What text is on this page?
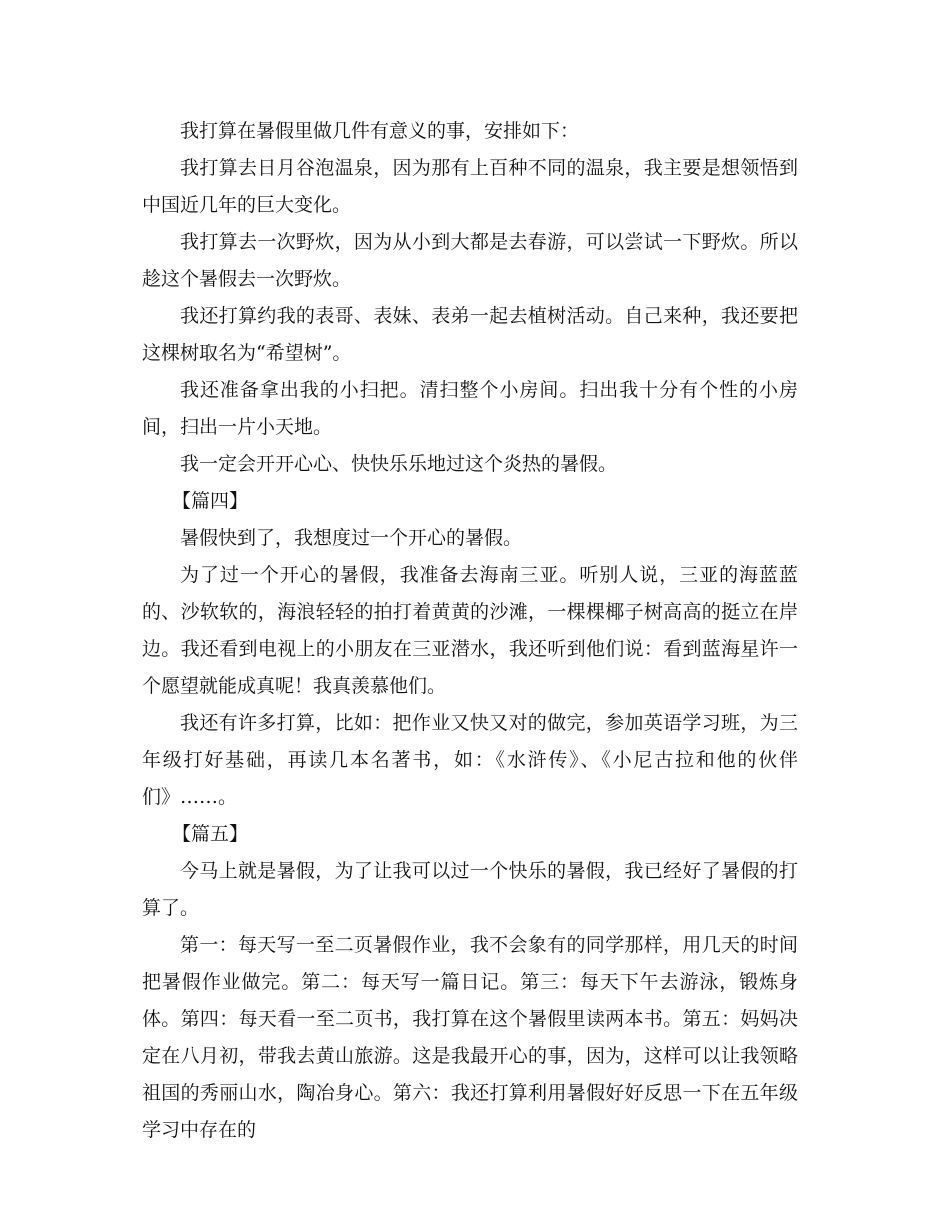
我打算在暑假里做几件有意义的事，安排如下：

我打算去日月谷泡温泉，因为那有上百种不同的温泉，我主要是想领悟到中国近几年的巨大变化。

我打算去一次野炊，因为从小到大都是去春游，可以尝试一下野炊。所以趁这个暑假去一次野炊。

我还打算约我的表哥、表妹、表弟一起去植树活动。自己来种，我还要把这棵树取名为“希望树”。

我还准备拿出我的小扫把。清扫整个小房间。扫出我十分有个性的小房间，扫出一片小天地。

我一定会开开心心、快快乐乐地过这个炎热的暑假。

【篇四】

暑假快到了，我想度过一个开心的暑假。

为了过一个开心的暑假，我准备去海南三亚。听别人说，三亚的海蓝蓝的、沙软软的，海浪轻轻的拍打着黄黄的沙滩，一棵棵椰子树高高的挺立在岸边。我还看到电视上的小朋友在三亚潜水，我还听到他们说：看到蓝海星许一个愿望就能成真呢！我真羡慕他们。

我还有许多打算，比如：把作业又快又对的做完，参加英语学习班，为三年级打好基础，再读几本名著书，如：《水浒传》、《小尼古拉和他的伙伴们》……。

【篇五】

今马上就是暑假，为了让我可以过一个快乐的暑假，我已经好了暑假的打算了。

第一：每天写一至二页暑假作业，我不会象有的同学那样，用几天的时间把暑假作业做完。第二：每天写一篇日记。第三：每天下午去游泳，锻炼身体。第四：每天看一至二页书，我打算在这个暑假里读两本书。第五：妈妈决定在八月初，带我去黄山旅游。这是我最开心的事，因为，这样可以让我领略祖国的秀丽山水，陶冶身心。第六：我还打算利用暑假好好反思一下在五年级学习中存在的
